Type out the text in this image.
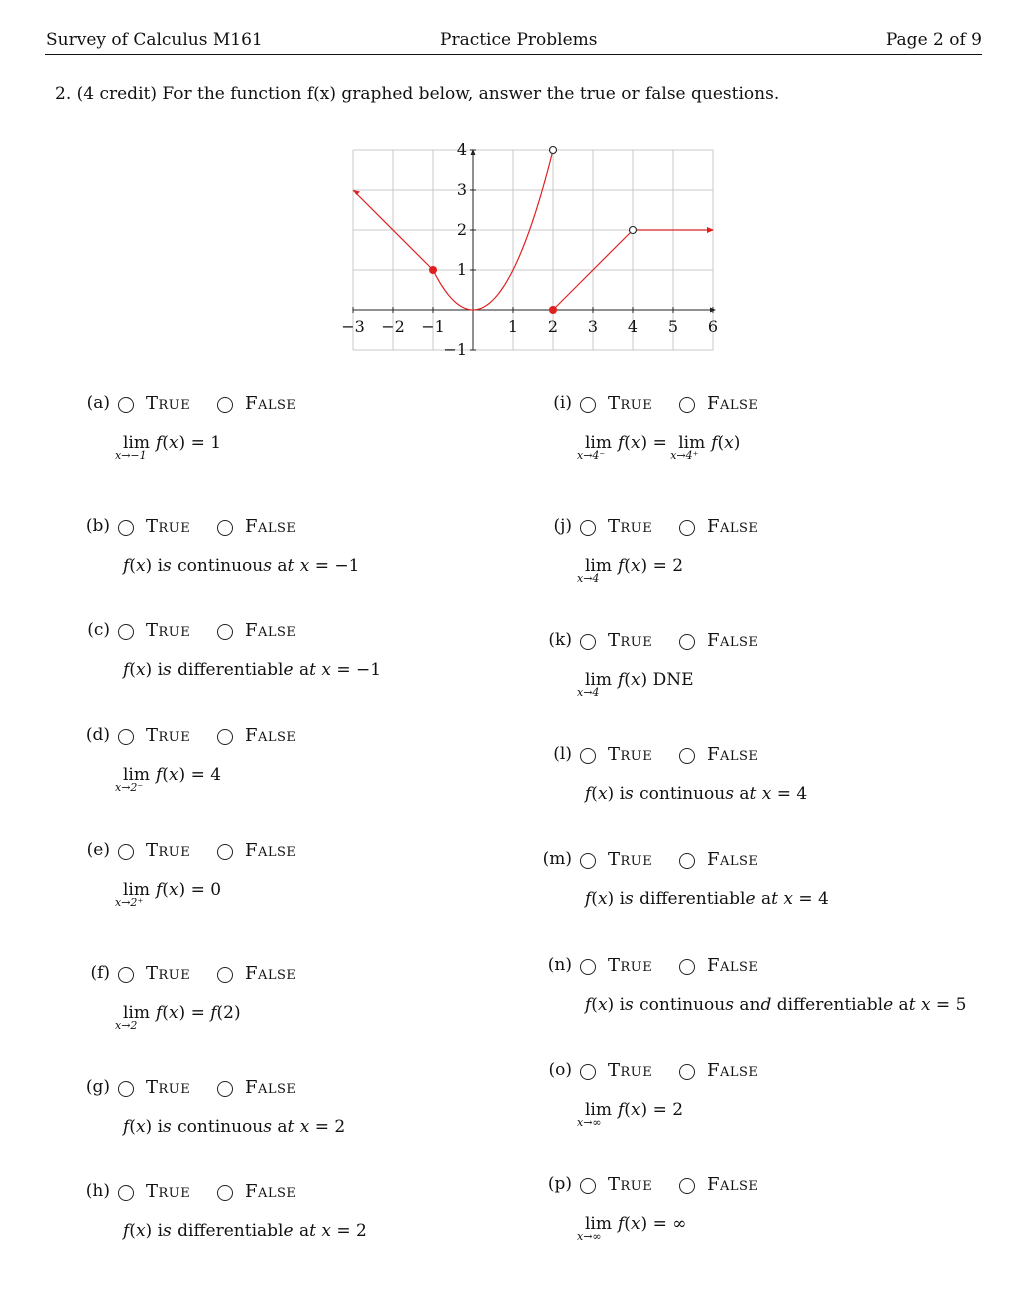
Survey of Calculus M161	Practice Problems	Page 2 of 9
2. (4 credit) For the function f(x) graphed below, answer the true or false questions.
−3 −2 −1	1 2 3 4 5 6
4
3
2
1
−1
(a) True	False
lim
x→−1
f(x) = 1
(b) True	False
f(x) is continuous at x = −1
(c) True	False
f(x) is differentiable at x = −1
(d) True	False
lim
x→2⁻
f(x) = 4
(e) True	False
lim
x→2⁺
f(x) = 0
(f) True	False
lim
x→2
f(x) = f(2)
(g) True	False
f(x) is continuous at x = 2
(h) True	False
f(x) is differentiable at x = 2
(i) True	False
lim
x→4⁻
f(x) = lim
x→4⁺
f(x)
(j) True	False
lim
x→4
f(x) = 2
(k) True	False
lim
x→4
f(x) DNE
(l) True	False
f(x) is continuous at x = 4
(m) True	False
f(x) is differentiable at x = 4
(n) True	False
f(x) is continuous and differentiable at x = 5
(o) True	False
lim
x→∞
f(x) = 2
(p) True	False
lim
x→∞
f(x) = ∞
